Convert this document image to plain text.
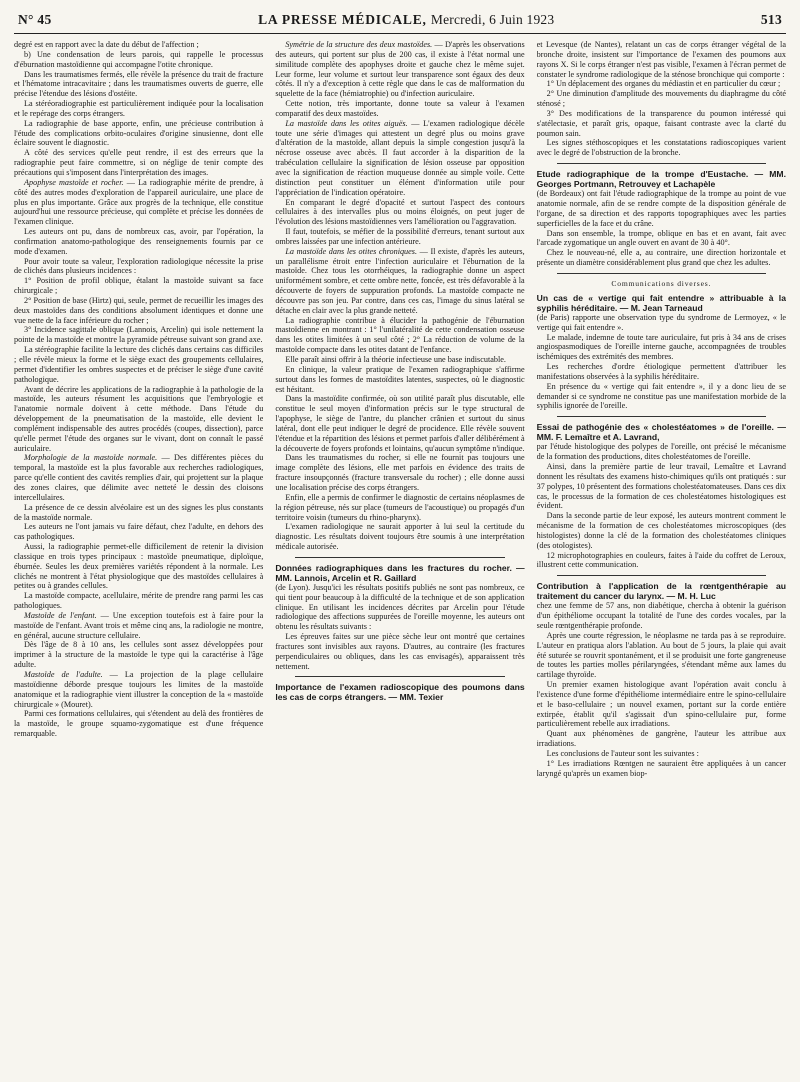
N° 45	LA PRESSE MÉDICALE, Mercredi, 6 Juin 1923	513

degré est en rapport avec la date du début de l'affection ;

b) Une condensation de leurs parois, qui rappelle le processus d'éburnation mastoïdienne qui accompagne l'otite chronique.

Dans les traumatismes fermés, elle révèle la présence du trait de fracture et l'hématome intracavitaire ; dans les traumatismes ouverts de guerre, elle précise l'étendue des lésions d'ostéite.

La stéréoradiographie est particulièrement indiquée pour la localisation et le repérage des corps étrangers.

La radiographie de base apporte, enfin, une précieuse contribution à l'étude des complications orbito-oculaires d'origine sinusienne, dont elle éclaire souvent le diagnostic.

A côté des services qu'elle peut rendre, il est des erreurs que la radiographie peut faire commettre, si on néglige de tenir compte des précautions qui s'imposent dans l'interprétation des images.

Apophyse mastoïde et rocher. — La radiographie mérite de prendre, à côté des autres modes d'exploration de l'appareil auriculaire, une place de plus en plus importante. Grâce aux progrès de la technique, elle constitue aujourd'hui une ressource précieuse, qui complète et précise les données de l'examen clinique.

Les auteurs ont pu, dans de nombreux cas, avoir, par l'opération, la confirmation anatomo-pathologique des renseignements fournis par ce mode d'examen.

Pour avoir toute sa valeur, l'exploration radiologique nécessite la prise de clichés dans plusieurs incidences :

1° Position de profil oblique, étalant la mastoïde suivant sa face chirurgicale ;

2° Position de base (Hirtz) qui, seule, permet de recueillir les images des deux mastoïdes dans des conditions absolument identiques et donne une vue nette de la face inférieure du rocher ;

3° Incidence sagittale oblique (Lannois, Arcelin) qui isole nettement la pointe de la mastoïde et montre la pyramide pétreuse suivant son grand axe.

La stéréographie facilite la lecture des clichés dans certains cas difficiles ; elle révèle mieux la forme et le siège exact des groupements cellulaires, permet d'identifier les ombres suspectes et de préciser le siège d'une cavité pathologique.

Avant de décrire les applications de la radiographie à la pathologie de la mastoïde, les auteurs résument les acquisitions que l'embryologie et l'anatomie normale doivent à cette méthode. Dans l'étude du développement de la pneumatisation de la mastoïde, elle devient le complément indispensable des autres procédés (coupes, dissection), parce qu'elle permet l'étude des organes sur le vivant, dont on connaît le passé auriculaire.

Morphologie de la mastoïde normale. — Des différentes pièces du temporal, la mastoïde est la plus favorable aux recherches radiologiques, parce qu'elle contient des cavités remplies d'air, qui projettent sur la plaque des zones claires, que délimite avec netteté le dessin des cloisons intercellulaires.

La présence de ce dessin alvéolaire est un des signes les plus constants de la mastoïde normale.

Les auteurs ne l'ont jamais vu faire défaut, chez l'adulte, en dehors des cas pathologiques.

Aussi, la radiographie permet-elle difficilement de retenir la division classique en trois types principaux : mastoïde pneumatique, diploïque, éburnée. Seules les deux premières variétés répondent à la normale. Les clichés ne montrent à l'état physiologique que des mastoïdes cellulaires à petites ou à grandes cellules.

La mastoïde compacte, acellulaire, mérite de prendre rang parmi les cas pathologiques.

Mastoïde de l'enfant. — Une exception toutefois est à faire pour la mastoïde de l'enfant. Avant trois et même cinq ans, la radiologie ne montre, en général, aucune structure cellulaire.

Dès l'âge de 8 à 10 ans, les cellules sont assez développées pour imprimer à la structure de la mastoïde le type qui la caractérise à l'âge adulte.

Mastoïde de l'adulte. — La projection de la plage cellulaire mastoïdienne déborde presque toujours les limites de la mastoïde anatomique et la radiographie vient illustrer la conception de la « mastoïde chirurgicale » (Mouret).

Parmi ces formations cellulaires, qui s'étendent au delà des frontières de la mastoïde, le groupe squamo-zygomatique est d'une fréquence remarquable.

Symétrie de la structure des deux mastoïdes. — D'après les observations des auteurs, qui portent sur plus de 200 cas, il existe à l'état normal une similitude complète des apophyses droite et gauche chez le même sujet. Leur forme, leur volume et surtout leur transparence sont égaux des deux côtés. Il n'y a d'exception à cette règle que dans le cas de malformation du squelette de la face (hémiatrophie) ou d'infection auriculaire.

Cette notion, très importante, donne toute sa valeur à l'examen comparatif des deux mastoïdes.

La mastoïde dans les otites aiguës. — L'examen radiologique décèle toute une série d'images qui attestent un degré plus ou moins grave d'altération de la mastoïde, allant depuis la simple congestion jusqu'à la nécrose osseuse avec abcès. Il faut accorder à la disparition de la trabéculation cellulaire la signification de lésion osseuse par opposition avec la signification de réaction muqueuse donnée au simple voile. Cette distinction peut constituer un élément d'information utile pour l'appréciation de l'indication opératoire.

En comparant le degré d'opacité et surtout l'aspect des contours cellulaires à des intervalles plus ou moins éloignés, on peut juger de l'évolution des lésions mastoïdiennes vers l'amélioration ou l'aggravation.

Il faut, toutefois, se méfier de la possibilité d'erreurs, tenant surtout aux ombres laissées par une infection antérieure.

La mastoïde dans les otites chroniques. — Il existe, d'après les auteurs, un parallélisme étroit entre l'infection auriculaire et l'éburnation de la mastoïde. Chez tous les otorrhéiques, la radiographie donne un aspect uniformément sombre, et cette ombre nette, foncée, est très défavorable à la découverte de foyers de suppuration profonds. La mastoïde compacte ne découvre pas son jeu. Par contre, dans ces cas, l'image du sinus latéral se détache en clair avec la plus grande netteté.

La radiographie contribue à élucider la pathogénie de l'éburnation mastoïdienne en montrant : 1° l'unilatéralité de cette condensation osseuse dans les otites limitées à un seul côté ; 2° La réduction de volume de la mastoïde compacte dans les otites datant de l'enfance.

Elle paraît ainsi offrir à la théorie infectieuse une base indiscutable.

En clinique, la valeur pratique de l'examen radiographique s'affirme surtout dans les formes de mastoïdites latentes, suspectes, où le diagnostic est hésitant.

Dans la mastoïdite confirmée, où son utilité paraît plus discutable, elle constitue le seul moyen d'information précis sur le type structural de l'apophyse, le siège de l'antre, du plancher crânien et surtout du sinus latéral, dont elle peut indiquer le degré de procidence. Elle révèle souvent l'étendue et la répartition des lésions et permet parfois d'aller délibérément à la découverte de foyers profonds et lointains, qu'aucun symptôme n'indique.

Dans les traumatismes du rocher, si elle ne fournit pas toujours une image complète des lésions, elle met parfois en évidence des traits de fracture insoupçonnés (fracture transversale du rocher) ; elle donne aussi une localisation précise des corps étrangers.

Enfin, elle a permis de confirmer le diagnostic de certains néoplasmes de la région pétreuse, nés sur place (tumeurs de l'acoustique) ou propagés d'un territoire voisin (tumeurs du rhino-pharynx).

L'examen radiologique ne saurait apporter à lui seul la certitude du diagnostic. Les résultats doivent toujours être soumis à une interprétation médicale autorisée.

Données radiographiques dans les fractures du rocher. — MM. Lannois, Arcelin et R. Gaillard

(de Lyon). Jusqu'ici les résultats positifs publiés ne sont pas nombreux, ce qui tient pour beaucoup à la difficulté de la technique et de son application clinique. En utilisant les incidences décrites par Arcelin pour l'étude radiologique des affections suppurées de l'oreille moyenne, les auteurs ont obtenu les résultats suivants :

Les épreuves faites sur une pièce sèche leur ont montré que certaines fractures sont invisibles aux rayons. D'autres, au contraire (les fractures perpendiculaires ou obliques, dans les cas envisagés), apparaissent très nettement.

Importance de l'examen radioscopique des poumons dans les cas de corps étrangers. — MM. Texier

et Levesque (de Nantes), relatant un cas de corps étranger végétal de la bronche droite, insistent sur l'importance de l'examen des poumons aux rayons X. Si le corps étranger n'est pas visible, l'examen à l'écran permet de constater le syndrome radiologique de la sténose bronchique qui comporte :

1° Un déplacement des organes du médiastin et en particulier du cœur ;

2° Une diminution d'amplitude des mouvements du diaphragme du côté sténosé ;

3° Des modifications de la transparence du poumon intéressé qui s'atélectasie, et paraît gris, opaque, faisant contraste avec la clarté du poumon sain.

Les signes stéthoscopiques et les constatations radioscopiques varient avec le degré de l'obstruction de la bronche.

Etude radiographique de la trompe d'Eustache. — MM. Georges Portmann, Retrouvey et Lachapèle

(de Bordeaux) ont fait l'étude radiographique de la trompe au point de vue anatomie normale, afin de se rendre compte de la disposition générale de l'organe, de sa direction et des rapports topographiques avec les parties superficielles de la face et du crâne.

Dans son ensemble, la trompe, oblique en bas et en avant, fait avec l'arcade zygomatique un angle ouvert en avant de 30 à 40°.

Chez le nouveau-né, elle a, au contraire, une direction horizontale et présente un diamètre considérablement plus grand que chez les adultes.

Communications diverses.
Un cas de « vertige qui fait entendre » attribuable à la syphilis héréditaire. — M. Jean Tarneaud

(de Paris) rapporte une observation type du syndrome de Lermoyez, « le vertige qui fait entendre ».

Le malade, indemne de toute tare auriculaire, fut pris à 34 ans de crises angiospasmodiques de l'oreille interne gauche, accompagnées de troubles ischémiques des extrémités des membres.

Les recherches d'ordre étiologique permettent d'attribuer les manifestations observées à la syphilis héréditaire.

En présence du « vertige qui fait entendre », il y a donc lieu de se demander si ce syndrome ne constitue pas une manifestation morbide de la syphilis ignorée de l'oreille.

Essai de pathogénie des « cholestéatomes » de l'oreille. — MM. F. Lemaître et A. Lavrand,

par l'étude histologique des polypes de l'oreille, ont précisé le mécanisme de la formation des productions, dites cholestéatomes de l'oreille.

Ainsi, dans la première partie de leur travail, Lemaître et Lavrand donnent les résultats des examens histo-chimiques qu'ils ont pratiqués : sur 37 polypes, 10 présentent des formations cholestéatomateuses. Dans ces dix cas, le processus de la formation de ces cholestéatomes histologiques est évident.

Dans la seconde partie de leur exposé, les auteurs montrent comment le mécanisme de la formation de ces cholestéatomes microscopiques (des histologistes) donne la clé de la formation des cholestéatomes cliniques (des otologistes).

12 microphotographies en couleurs, faites à l'aide du coffret de Leroux, illustrent cette communication.

Contribution à l'application de la rœntgenthérapie au traitement du cancer du larynx. — M. H. Luc

chez une femme de 57 ans, non diabétique, chercha à obtenir la guérison d'un épithéliome occupant la totalité de l'une des cordes vocales, par la seule rœntgenthérapie profonde.

Après une courte régression, le néoplasme ne tarda pas à se reproduire. L'auteur en pratiqua alors l'ablation. Au bout de 5 jours, la plaie qui avait été suturée se rouvrit spontanément, et il se produisit une forte gangreneuse de toutes les parties molles périlaryngées, s'étendant même aux lames du cartilage thyroïde.

Un premier examen histologique avant l'opération avait conclu à l'existence d'une forme d'épithéliome intermédiaire entre le spino-cellulaire et le baso-cellulaire ; un nouvel examen, portant sur la corde entière extirpée, établit qu'il s'agissait d'un spino-cellulaire pur, forme particulièrement rebelle aux irradiations.

Quant aux phénomènes de gangrène, l'auteur les attribue aux irradiations.

Les conclusions de l'auteur sont les suivantes :

1° Les irradiations Rœntgen ne sauraient être appliquées à un cancer laryngé qu'après un examen biop-
